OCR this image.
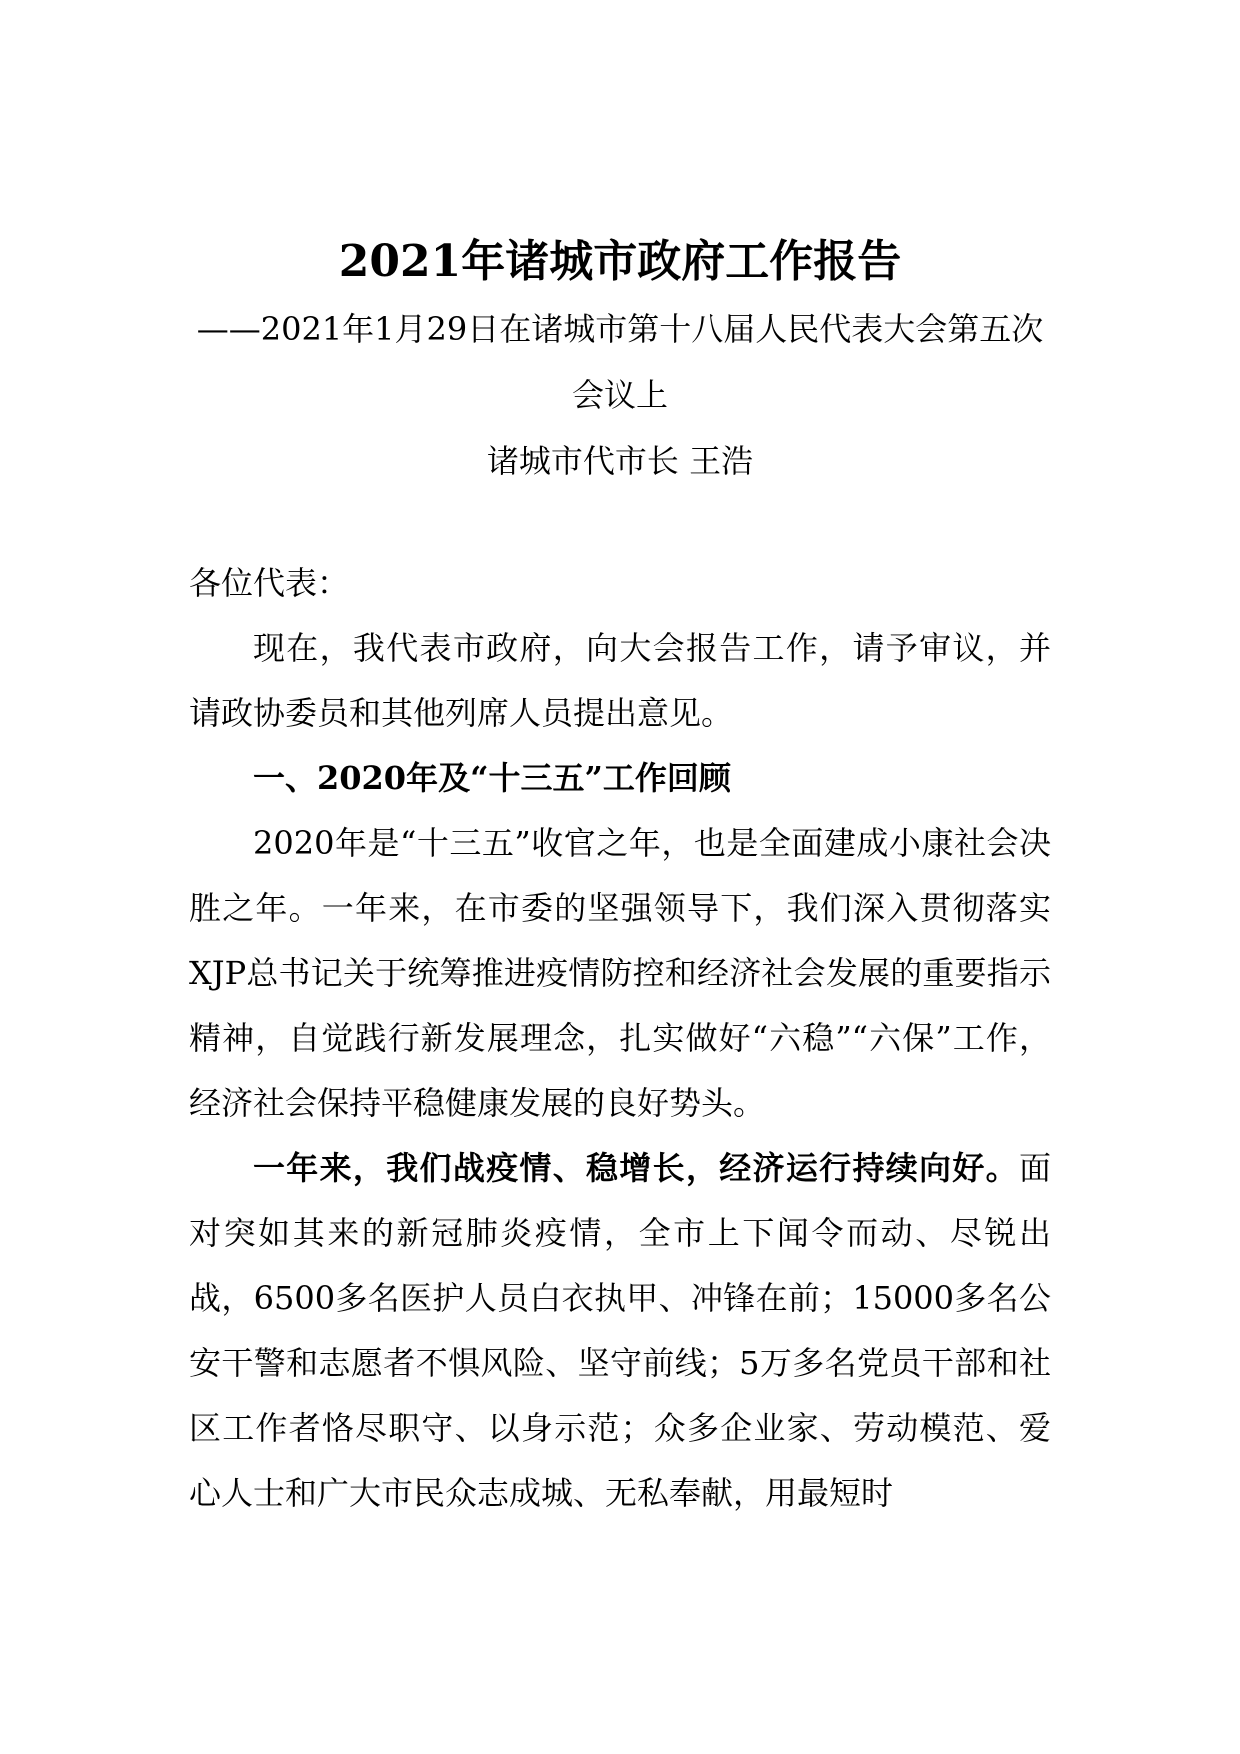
2021年诸城市政府工作报告

——2021年1月29日在诸城市第十八届人民代表大会第五次会议上

诸城市代市长 王浩

各位代表：

现在，我代表市政府，向大会报告工作，请予审议，并请政协委员和其他列席人员提出意见。

一、2020年及“十三五”工作回顾

2020年是“十三五”收官之年，也是全面建成小康社会决胜之年。一年来，在市委的坚强领导下，我们深入贯彻落实XJP总书记关于统筹推进疫情防控和经济社会发展的重要指示精神，自觉践行新发展理念，扎实做好“六稳”“六保”工作，经济社会保持平稳健康发展的良好势头。

一年来，我们战疫情、稳增长，经济运行持续向好。面对突如其来的新冠肺炎疫情，全市上下闻令而动、尽锐出战，6500多名医护人员白衣执甲、冲锋在前；15000多名公安干警和志愿者不惧风险、坚守前线；5万多名党员干部和社区工作者恪尽职守、以身示范；众多企业家、劳动模范、爱心人士和广大市民众志成城、无私奉献，用最短时
